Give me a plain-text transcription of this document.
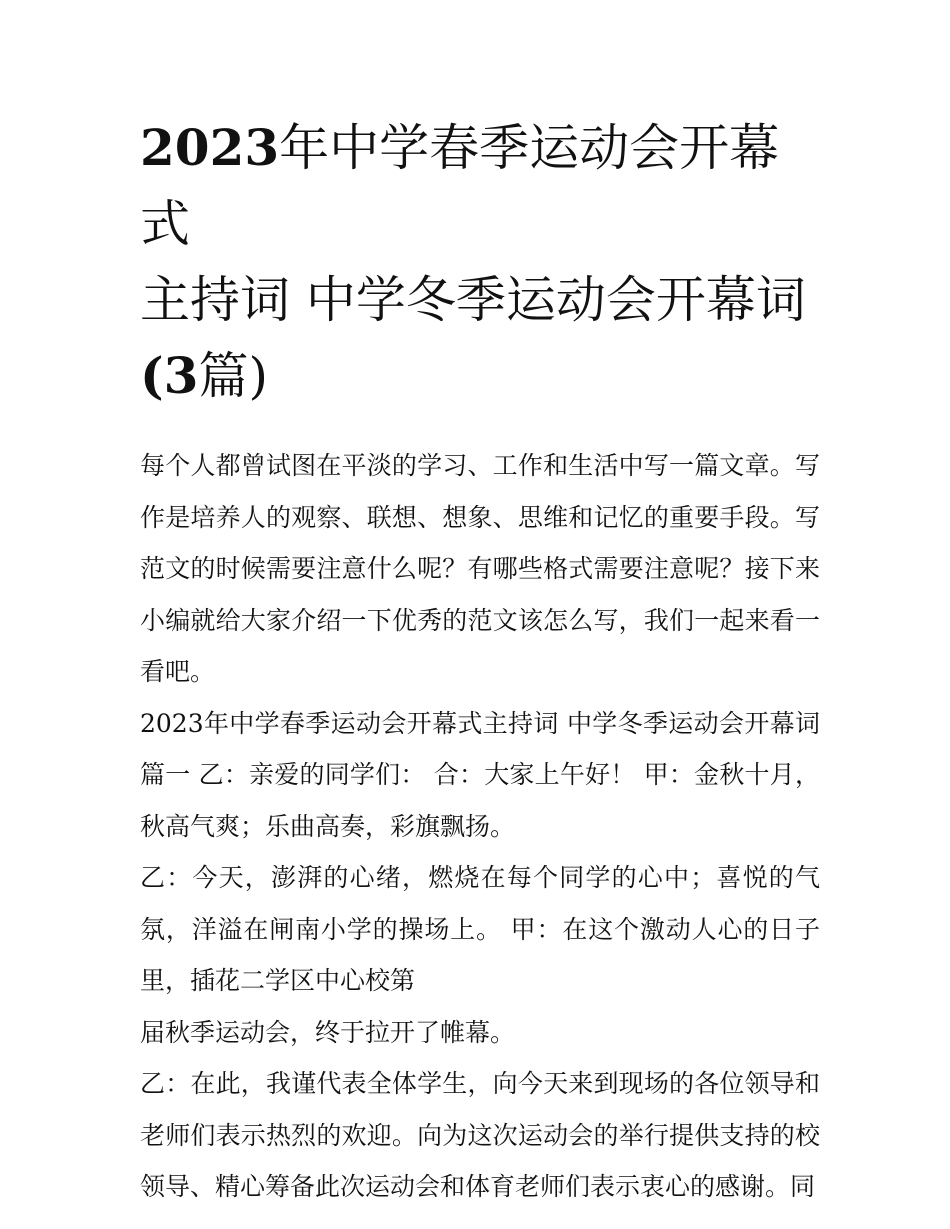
2023年中学春季运动会开幕式
主持词 中学冬季运动会开幕词
(3篇)

每个人都曾试图在平淡的学习、工作和生活中写一篇文章。写作是培养人的观察、联想、想象、思维和记忆的重要手段。写范文的时候需要注意什么呢？有哪些格式需要注意呢？接下来小编就给大家介绍一下优秀的范文该怎么写，我们一起来看一看吧。

2023年中学春季运动会开幕式主持词 中学冬季运动会开幕词篇一 乙：亲爱的同学们： 合：大家上午好！ 甲：金秋十月，秋高气爽；乐曲高奏，彩旗飘扬。

乙：今天，澎湃的心绪，燃烧在每个同学的心中；喜悦的气氛，洋溢在闸南小学的操场上。 甲：在这个激动人心的日子里，插花二学区中心校第

届秋季运动会，终于拉开了帷幕。

乙：在此，我谨代表全体学生，向今天来到现场的各位领导和老师们表示热烈的欢迎。向为这次运动会的举行提供支持的校领导、精心筹备此次运动会和体育老师们表示衷心的感谢。同
